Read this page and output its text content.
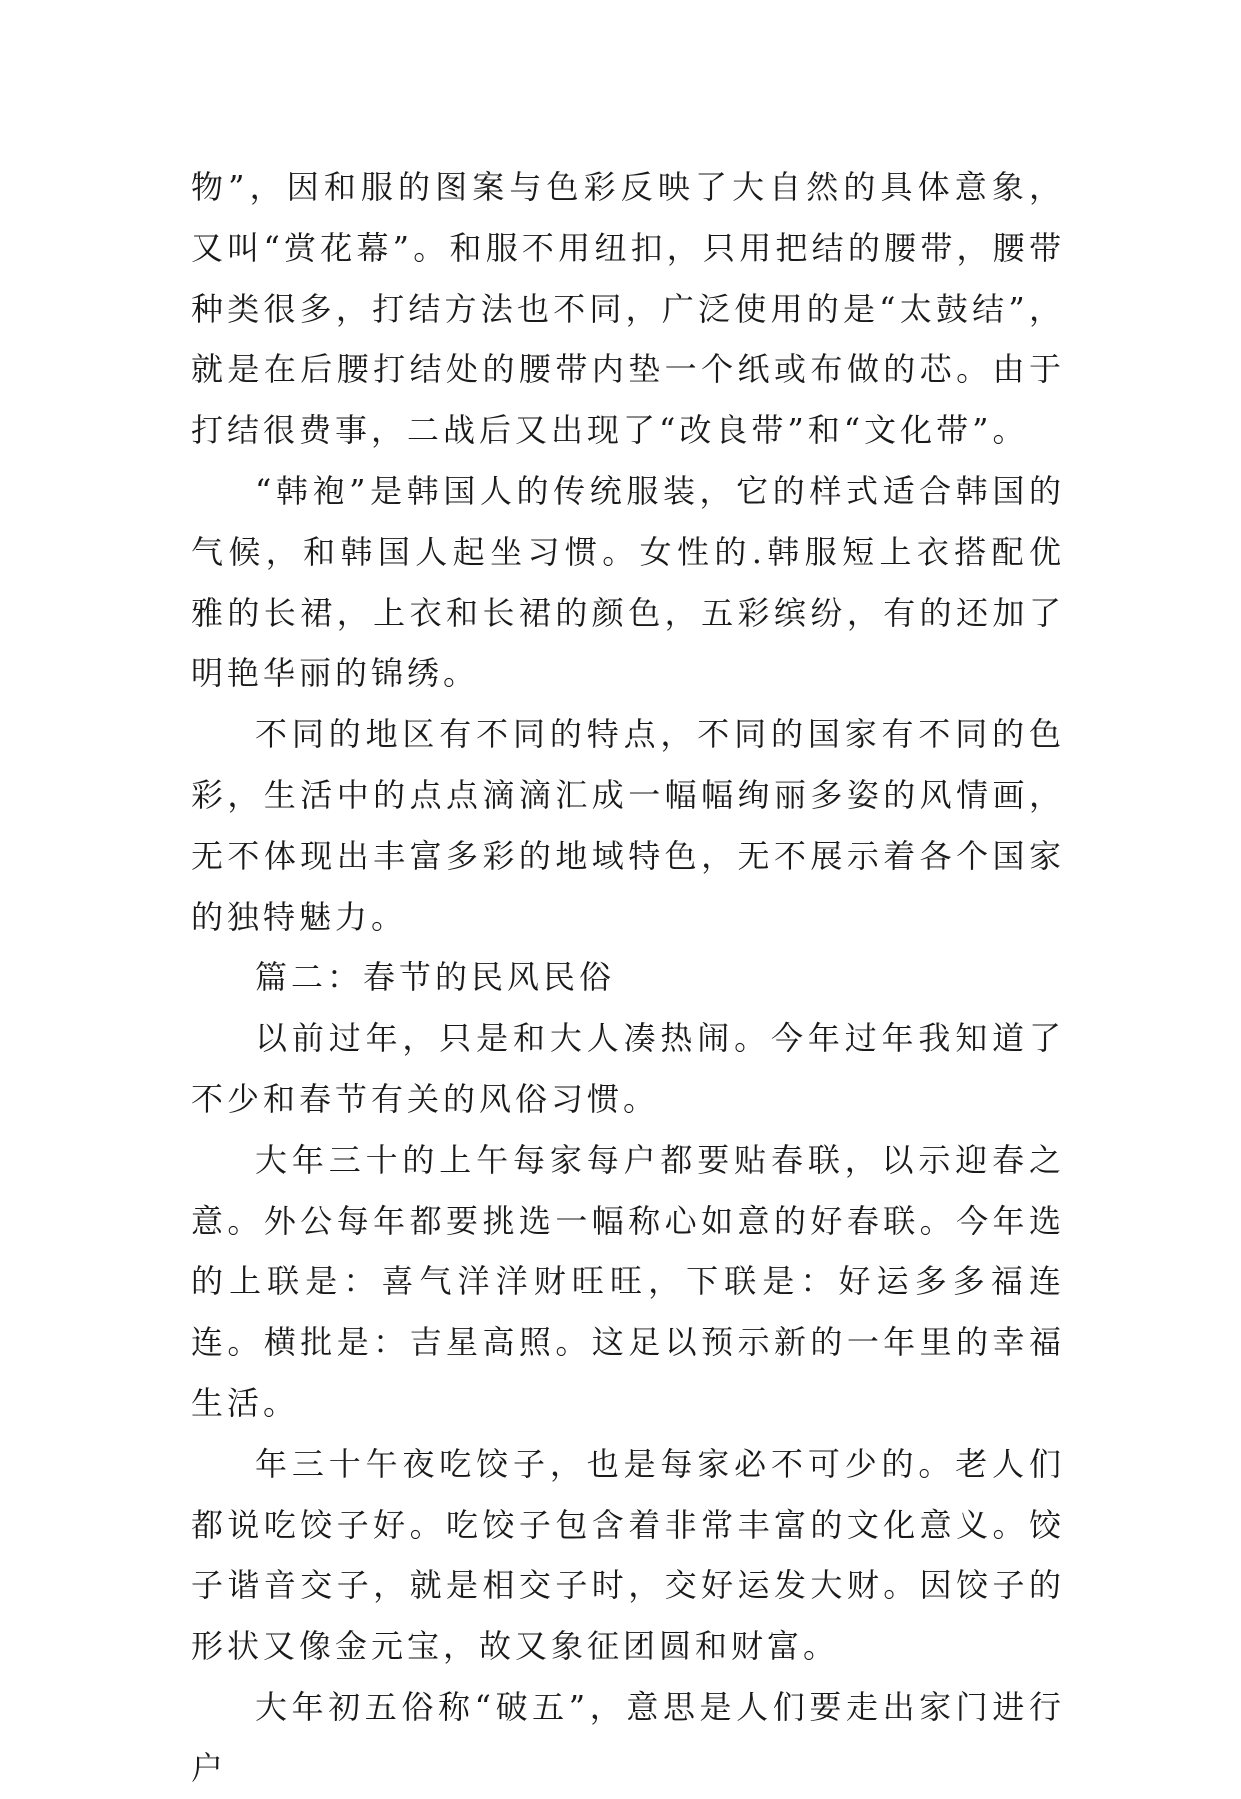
物”，因和服的图案与色彩反映了大自然的具体意象，又叫“赏花幕”。和服不用纽扣，只用把结的腰带，腰带种类很多，打结方法也不同，广泛使用的是“太鼓结”，就是在后腰打结处的腰带内垫一个纸或布做的芯。由于打结很费事，二战后又出现了“改良带”和“文化带”。

“韩袍”是韩国人的传统服装，它的样式适合韩国的气候，和韩国人起坐习惯。女性的.韩服短上衣搭配优雅的长裙，上衣和长裙的颜色，五彩缤纷，有的还加了明艳华丽的锦绣。

不同的地区有不同的特点，不同的国家有不同的色彩，生活中的点点滴滴汇成一幅幅绚丽多姿的风情画，无不体现出丰富多彩的地域特色，无不展示着各个国家的独特魅力。

篇二：春节的民风民俗

以前过年，只是和大人凑热闹。今年过年我知道了不少和春节有关的风俗习惯。

大年三十的上午每家每户都要贴春联，以示迎春之意。外公每年都要挑选一幅称心如意的好春联。今年选的上联是：喜气洋洋财旺旺，下联是：好运多多福连连。横批是：吉星高照。这足以预示新的一年里的幸福生活。

年三十午夜吃饺子，也是每家必不可少的。老人们都说吃饺子好。吃饺子包含着非常丰富的文化意义。饺子谐音交子，就是相交子时，交好运发大财。因饺子的形状又像金元宝，故又象征团圆和财富。

大年初五俗称“破五”，意思是人们要走出家门进行户
